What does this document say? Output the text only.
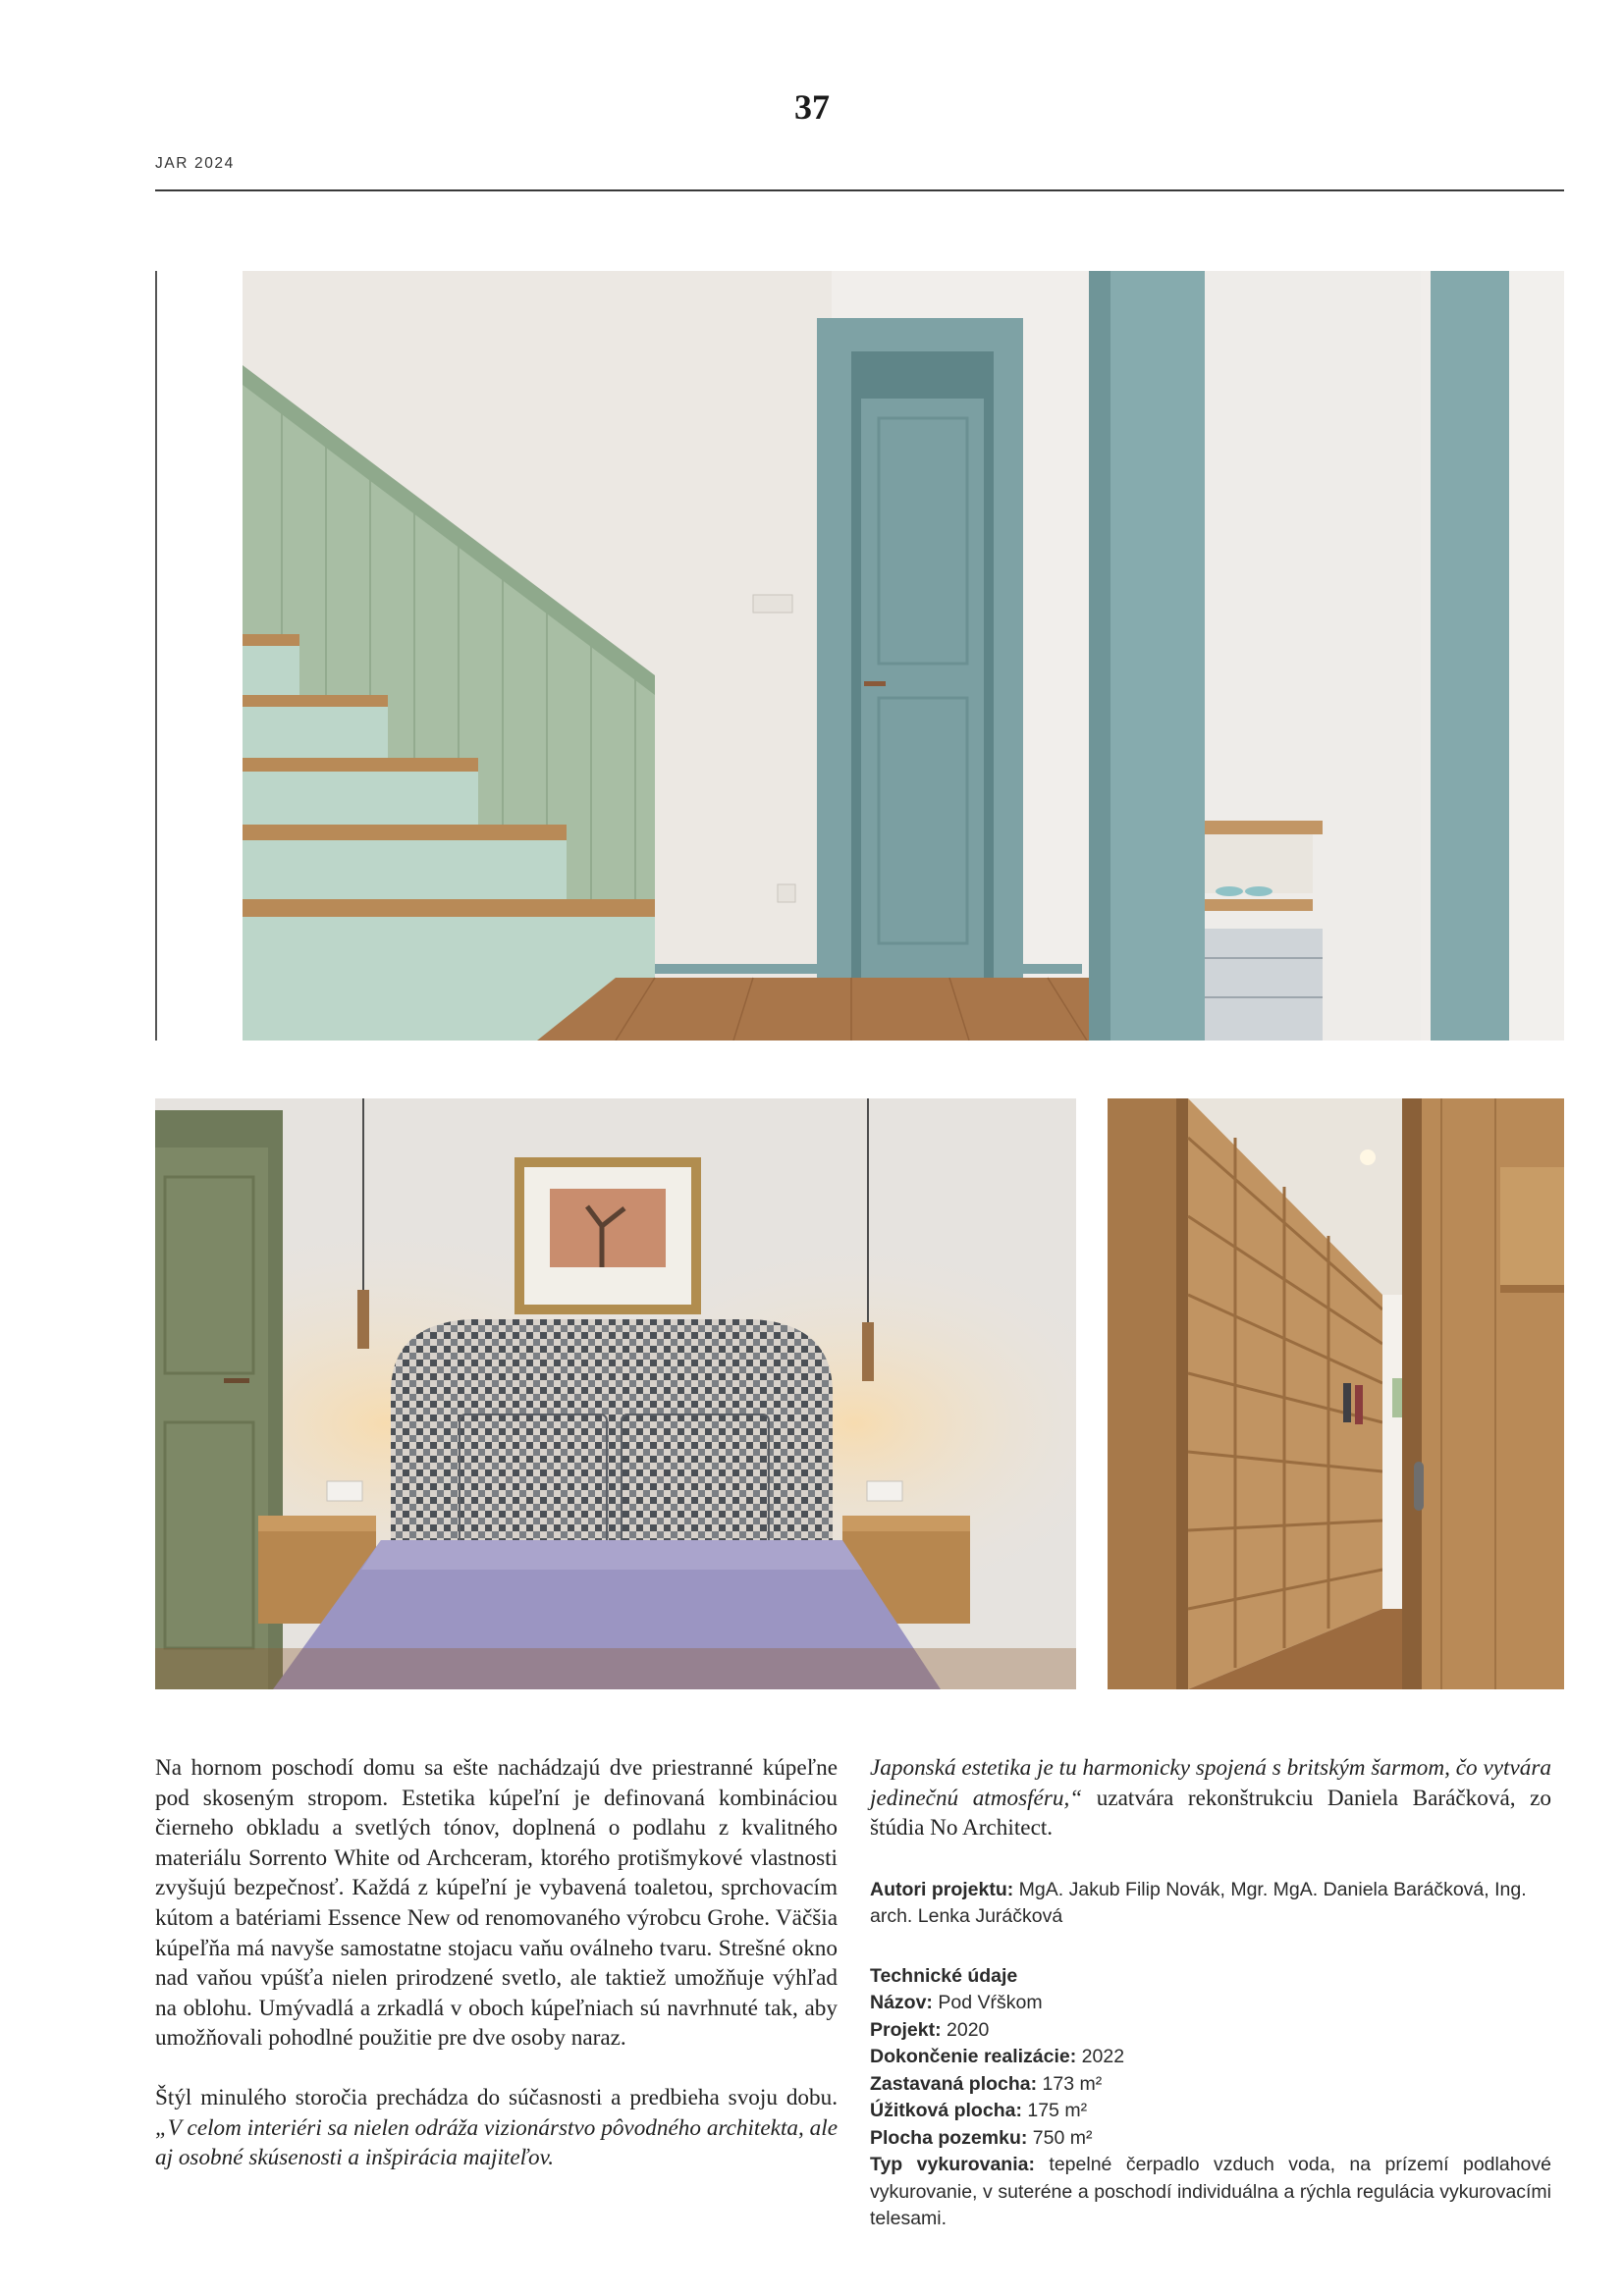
37
JAR 2024

Na hornom poschodí domu sa ešte nachádzajú dve priestranné kúpeľne pod skoseným stropom. Estetika kúpeľní je definovaná kombináciou čierneho obkladu a svetlých tónov, doplnená o podlahu z kvalitného materiálu Sorrento White od Archceram, ktorého protišmykové vlastnosti zvyšujú bezpečnosť. Každá z kúpeľní je vybavená toaletou, sprchovacím kútom a batériami Essence New od renomovaného výrobcu Grohe. Väčšia kúpeľňa má navyše samostatne stojacu vaňu oválneho tvaru. Strešné okno nad vaňou vpúšťa nielen prirodzené svetlo, ale taktiež umožňuje výhľad na oblohu. Umývadlá a zrkadlá v oboch kúpeľniach sú navrhnuté tak, aby umožňovali pohodlné použitie pre dve osoby naraz.

Štýl minulého storočia prechádza do súčasnosti a predbieha svoju dobu. „V celom interiéri sa nielen odráža vizionárstvo pôvodného architekta, ale aj osobné skúsenosti a inšpirácia majiteľov.

Japonská estetika je tu harmonicky spojená s britským šarmom, čo vytvára jedinečnú atmosféru,“ uzatvára rekonštrukciu Daniela Baráčková, zo štúdia No Architect.

Autori projektu: MgA. Jakub Filip Novák, Mgr. MgA. Daniela Baráčková, Ing. arch. Lenka Juráčková
Technické údaje
Názov: Pod Vŕškom
Projekt: 2020
Dokončenie realizácie: 2022
Zastavaná plocha: 173 m²
Úžitková plocha: 175 m²
Plocha pozemku: 750 m²
Typ vykurovania: tepelné čerpadlo vzduch voda, na prízemí podlahové vykurovanie, v suteréne a poschodí individuálna a rýchla regulácia vykurovacími telesami.
